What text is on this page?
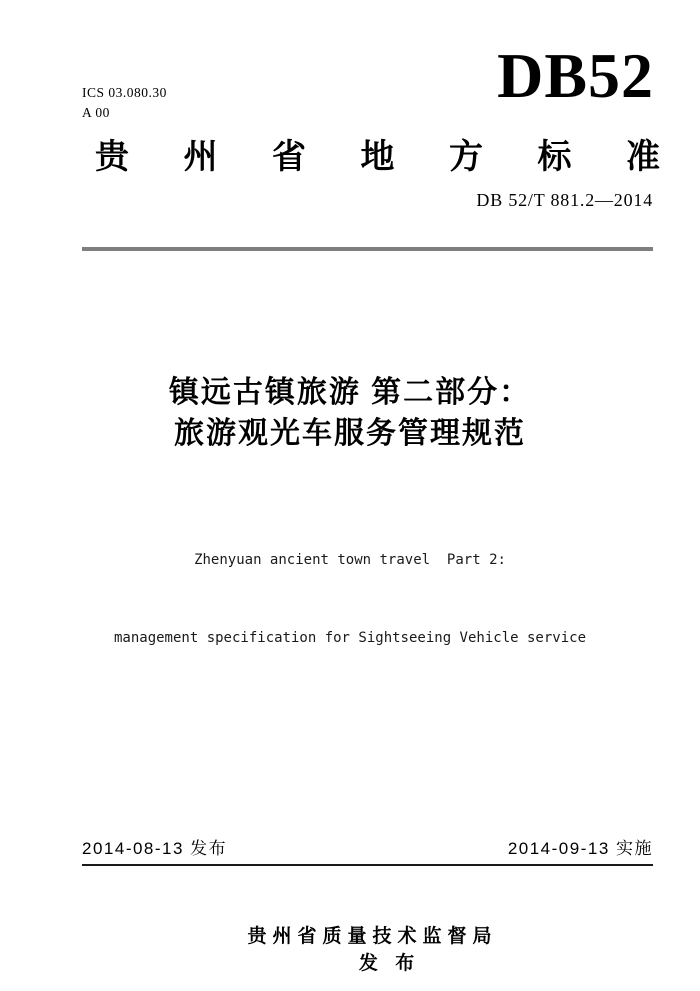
ICS 03.080.30
A 00
DB52
贵 州 省 地 方 标 准
DB 52/T 881.2—2014
镇远古镇旅游 第二部分：
旅游观光车服务管理规范

Zhenyuan ancient town travel  Part 2:

management specification for Sightseeing Vehicle service

2014-08-13 发布	2014-09-13 实施

贵州省质量技术监督局
发 布
